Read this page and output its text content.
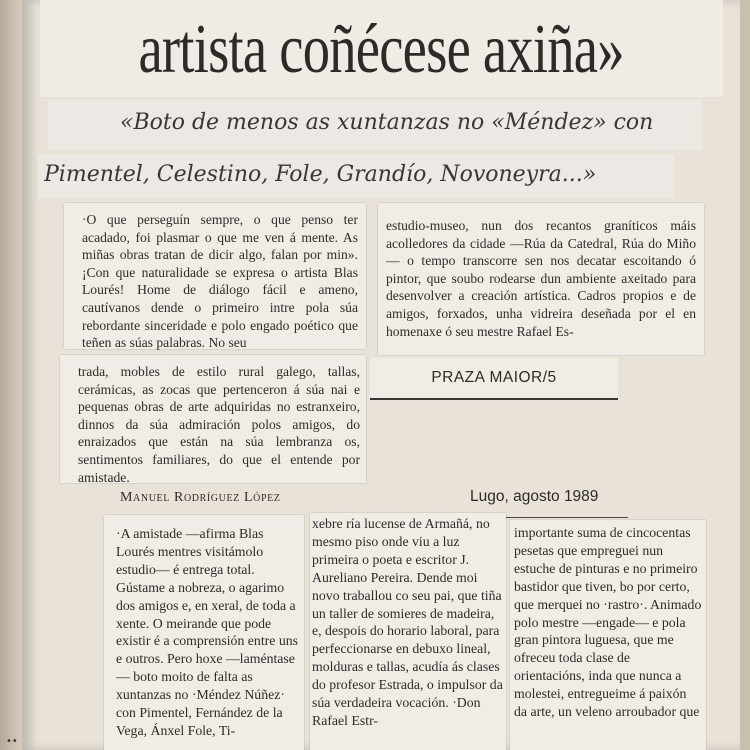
artista coñécese axiña»
«Boto de menos as xuntanzas no «Méndez» con
Pimentel, Celestino, Fole, Grandío, Novoneyra...»

·O que perseguín sempre, o que penso ter acadado, foi plasmar o que me ven á mente. As miñas obras tratan de dicir algo, falan por min». ¡Con que naturalidade se expresa o artista Blas Lourés! Home de diálogo fácil e ameno, cautívanos dende o primeiro intre pola súa rebordante sinceridade e polo engado poético que teñen as súas palabras. No seu

estudio-museo, nun dos recantos graníticos máis acolledores da cidade —Rúa da Catedral, Rúa do Miño— o tempo transcorre sen nos decatar escoitando ó pintor, que soubo rodearse dun ambiente axeitado para desenvolver a creación artística. Cadros propios e de amigos, forxados, unha vidreira deseñada por el en homenaxe ó seu mestre Rafael Es-

trada, mobles de estilo rural galego, tallas, cerámicas, as zocas que pertenceron á súa nai e pequenas obras de arte adquiridas no estranxeiro, dinnos da súa admiración polos amigos, do enraizados que están na súa lembranza os, sentimentos familiares, do que el entende por amistade.

PRAZA MAIOR/5
Manuel Rodríguez López	Lugo, agosto 1989

·A amistade —afirma Blas Lourés mentres visitámolo estudio— é entrega total. Gústame a nobreza, o agarimo dos amigos e, en xeral, de toda a xente. O meirande que pode existir é a comprensión entre uns e outros. Pero hoxe —laméntase— boto moito de falta as xuntanzas no ·Méndez Núñez· con Pimentel, Fernández de la Vega, Ánxel Fole, Ti-

xebre ría lucense de Armañá, no mesmo piso onde viu a luz primeira o poeta e escritor J. Aureliano Pereira. Dende moi novo traballou co seu pai, que tiña un taller de somieres de madeira, e, despois do horario laboral, para perfeccionarse en debuxo lineal, molduras e tallas, acudía ás clases do profesor Estrada, o impulsor da súa verdadeira vocación. ·Don Rafael Estr-

importante suma de cincocentas pesetas que empreguei nun estuche de pinturas e no primeiro bastidor que tiven, bo por certo, que merquei no ·rastro·. Animado polo mestre —engade— e pola gran pintora luguesa, que me ofreceu toda clase de orientacións, inda que nunca a molestei, entregueime á paixón da arte, un veleno arroubador que

••
